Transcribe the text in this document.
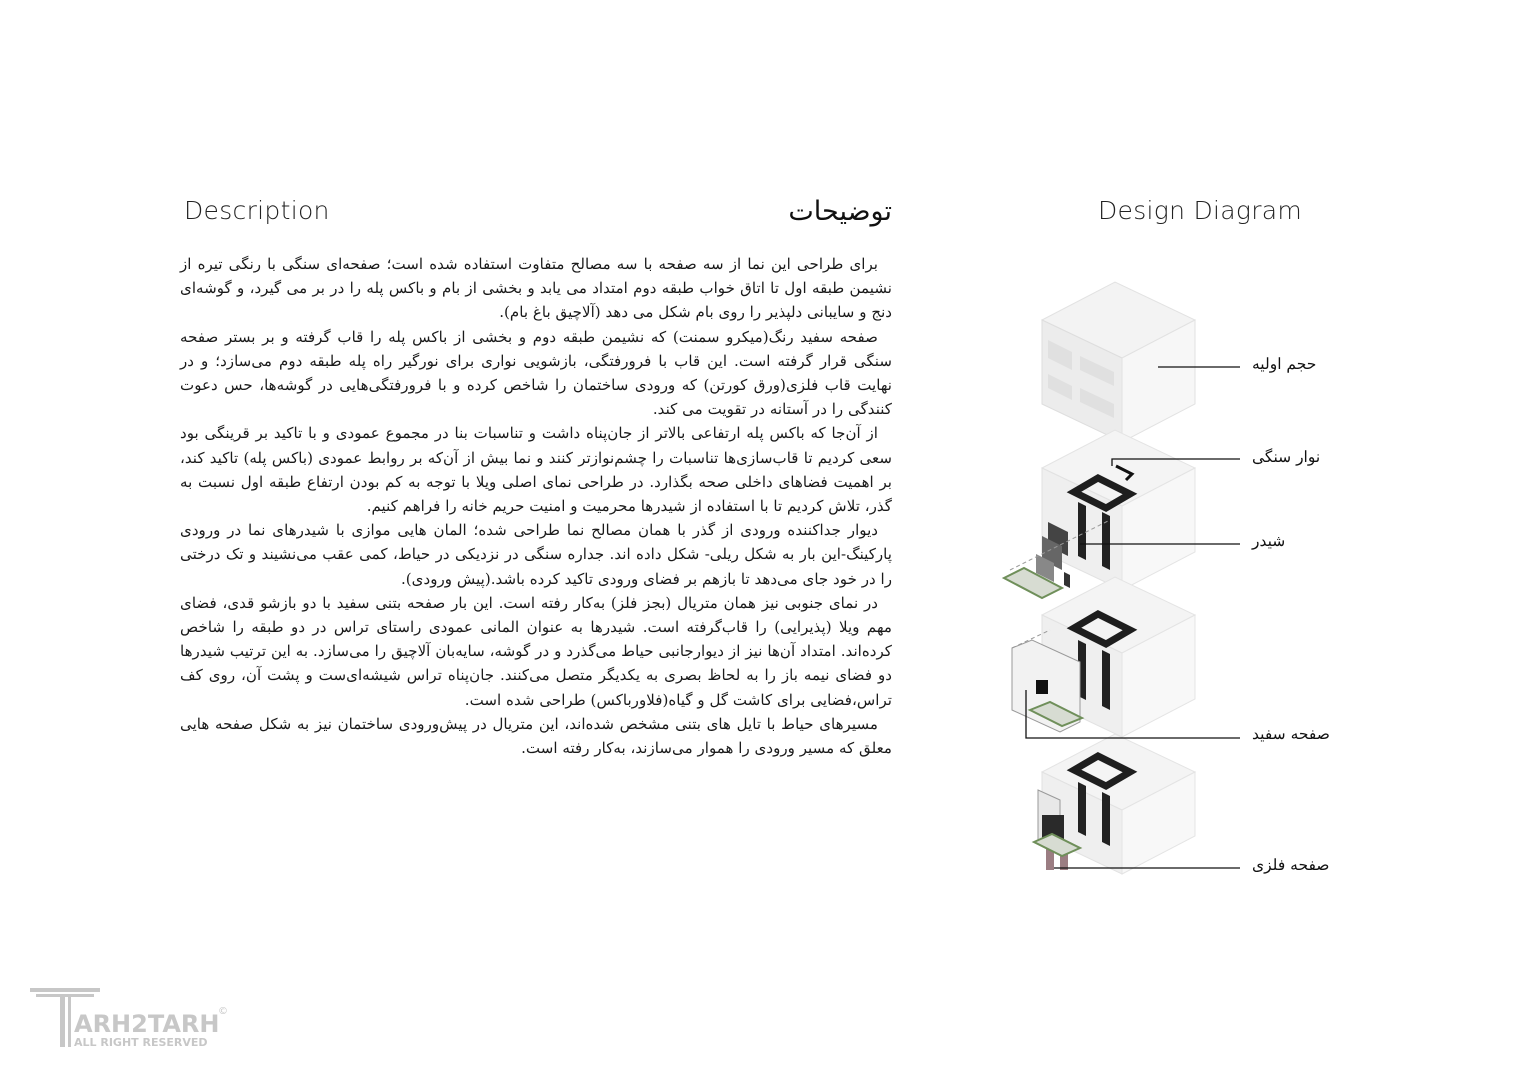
Description	توضیحات	Design Diagram

برای طراحی این نما از سه صفحه با سه مصالح متفاوت استفاده شده است؛ صفحه‌ای سنگی با رنگی تیره از نشیمن طبقه اول تا اتاق خواب طبقه دوم امتداد می یابد و بخشی از بام و باکس پله را در بر می گیرد، و گوشه‌ای دنج و سایبانی دلپذیر را روی بام شکل می دهد (آلاچیق باغ بام).

صفحه سفید رنگ(میکرو سمنت) که نشیمن طبقه دوم و بخشی از باکس پله را قاب گرفته و بر بستر صفحه سنگی قرار گرفته است. این قاب با فرورفتگی، بازشویی نواری برای نورگیر راه پله طبقه دوم می‌سازد؛ و در نهایت قاب فلزی(ورق کورتن) که ورودی ساختمان را شاخص کرده و با فرورفتگی‌هایی در گوشه‌ها، حس دعوت کنندگی را در آستانه در تقویت می کند.

از آن‌جا که باکس پله ارتفاعی بالاتر از جان‌پناه داشت و تناسبات بنا در مجموع عمودی و با تاکید بر قرینگی بود سعی کردیم تا قاب‌سازی‌ها تناسبات را چشم‌نوازتر کنند و نما بیش از آن‌که بر روابط عمودی (باکس پله) تاکید کند، بر اهمیت فضاهای داخلی صحه بگذارد. در طراحی نمای اصلی ویلا با توجه به کم بودن ارتفاع طبقه اول نسبت به گذر، تلاش کردیم تا با استفاده از شیدرها محرمیت و امنیت حریم خانه را فراهم کنیم.

دیوار جداکننده ورودی از گذر با همان مصالح نما طراحی شده؛ المان هایی موازی با شیدرهای نما در ورودی پارکینگ-این بار به شکل ریلی- شکل داده اند. جداره سنگی در نزدیکی در حیاط، کمی عقب می‌نشیند و تک درختی را در خود جای می‌دهد تا بازهم بر فضای ورودی تاکید کرده باشد.(پیش ورودی).

در نمای جنوبی نیز همان متریال (بجز فلز) به‌کار رفته است. این بار صفحه بتنی سفید با دو بازشو قدی، فضای مهم ویلا (پذیرایی) را قاب‌گرفته است. شیدرها به عنوان المانی عمودی راستای تراس در دو طبقه را شاخص کرده‌اند. امتداد آن‌ها نیز از دیوارجانبی حیاط می‌گذرد و در گوشه، سایه‌بان آلاچیق را می‌سازد. به این ترتیب شیدرها دو فضای نیمه باز را به لحاظ بصری به یکدیگر متصل می‌کنند. جان‌پناه تراس شیشه‌ای‌ست و پشت آن، روی کف تراس،فضایی برای کاشت گل و گیاه(فلاورباکس) طراحی شده است.

مسیرهای حیاط با تایل های بتنی مشخص شده‌اند، این متریال در پیش‌ورودی ساختمان نیز به شکل صفحه هایی معلق که مسیر ورودی را هموار می‌سازند، به‌کار رفته است.

حجم اولیه
نوار سنگی
شیدر
صفحه سفید
صفحه فلزی
ARH2TARH
ALL RIGHT RESERVED
©
